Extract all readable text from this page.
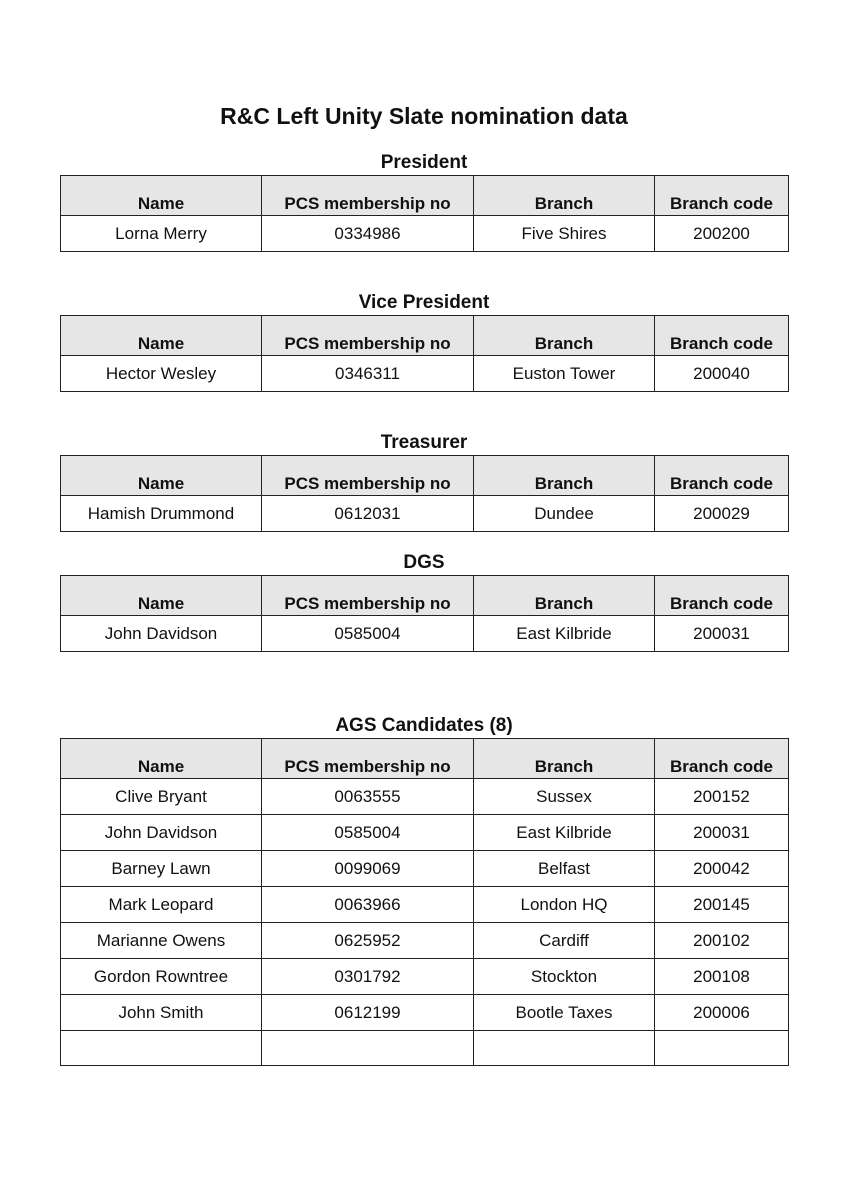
R&C Left Unity Slate nomination data
President
Name	PCS membership no	Branch	Branch code
Lorna Merry	0334986	Five Shires	200200
Vice President
Name	PCS membership no	Branch	Branch code
Hector Wesley	0346311	Euston Tower	200040
Treasurer
Name	PCS membership no	Branch	Branch code
Hamish Drummond	0612031	Dundee	200029
DGS
Name	PCS membership no	Branch	Branch code
John Davidson	0585004	East Kilbride	200031
AGS Candidates (8)
Name	PCS membership no	Branch	Branch code
Clive Bryant	0063555	Sussex	200152
John Davidson	0585004	East Kilbride	200031
Barney Lawn	0099069	Belfast	200042
Mark Leopard	0063966	London HQ	200145
Marianne Owens	0625952	Cardiff	200102
Gordon Rowntree	0301792	Stockton	200108
John Smith	0612199	Bootle Taxes	200006
